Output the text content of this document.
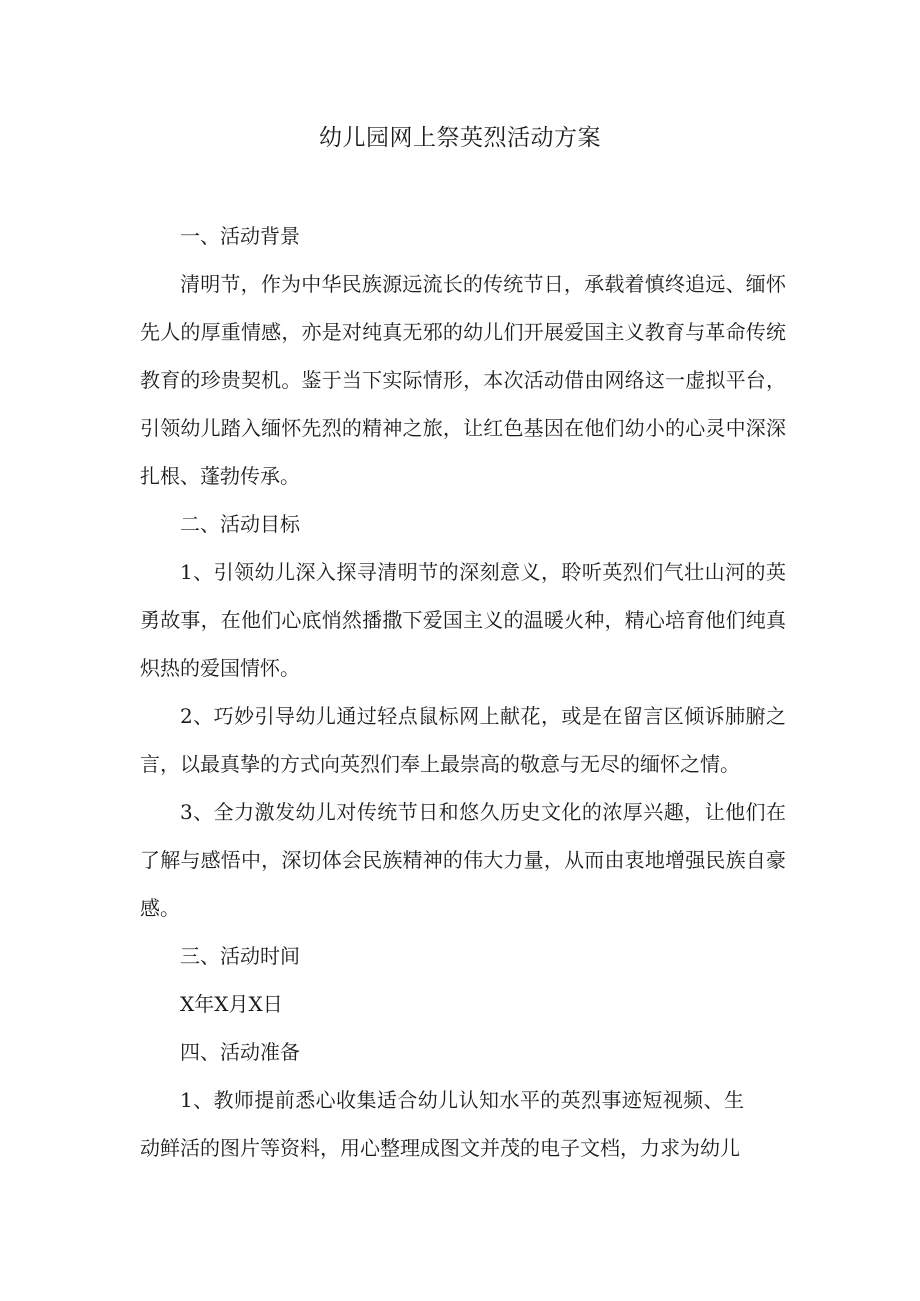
幼儿园网上祭英烈活动方案

一、活动背景

清明节，作为中华民族源远流长的传统节日，承载着慎终追远、缅怀先人的厚重情感，亦是对纯真无邪的幼儿们开展爱国主义教育与革命传统教育的珍贵契机。鉴于当下实际情形，本次活动借由网络这一虚拟平台，引领幼儿踏入缅怀先烈的精神之旅，让红色基因在他们幼小的心灵中深深扎根、蓬勃传承。

二、活动目标

1、引领幼儿深入探寻清明节的深刻意义，聆听英烈们气壮山河的英勇故事，在他们心底悄然播撒下爱国主义的温暖火种，精心培育他们纯真炽热的爱国情怀。

2、巧妙引导幼儿通过轻点鼠标网上献花，或是在留言区倾诉肺腑之言，以最真挚的方式向英烈们奉上最崇高的敬意与无尽的缅怀之情。

3、全力激发幼儿对传统节日和悠久历史文化的浓厚兴趣，让他们在了解与感悟中，深切体会民族精神的伟大力量，从而由衷地增强民族自豪感。

三、活动时间

X年X月X日

四、活动准备

1、教师提前悉心收集适合幼儿认知水平的英烈事迹短视频、生动鲜活的图片等资料，用心整理成图文并茂的电子文档，力求为幼儿
